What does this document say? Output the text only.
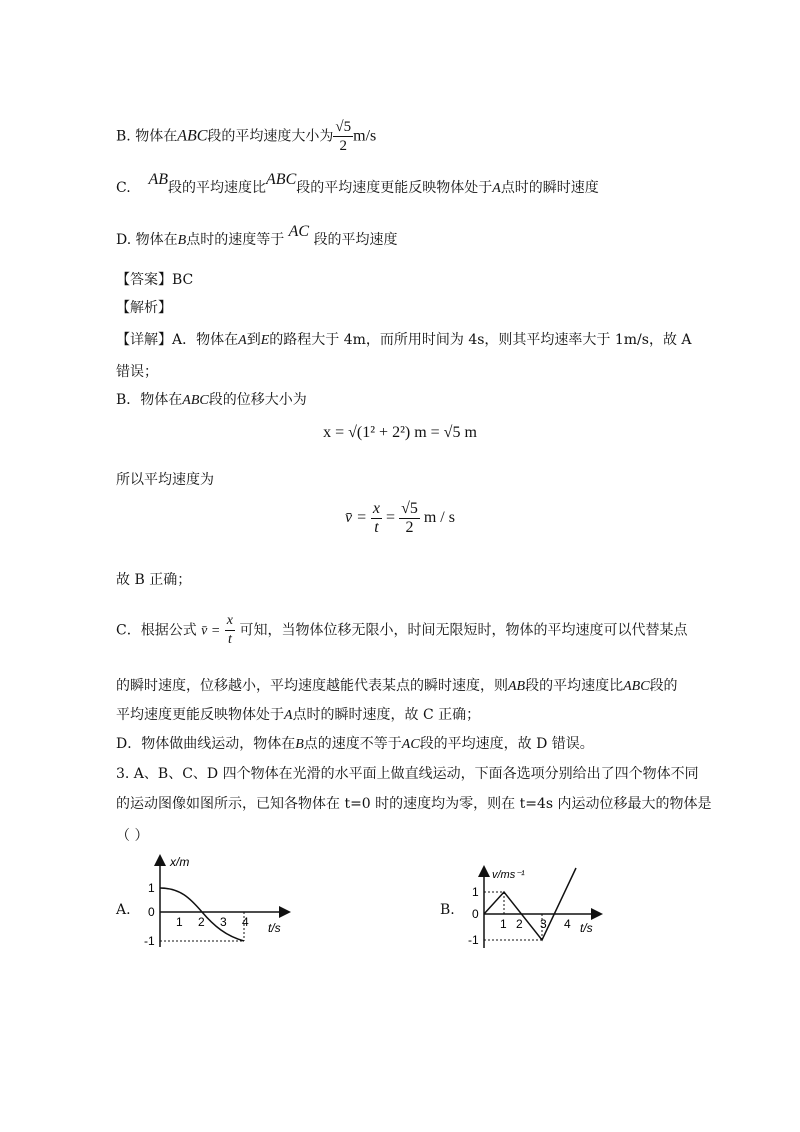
B. 物体在ABC段的平均速度大小为 $\frac{√5}{2} m/s$
C. AB段的平均速度比ABC段的平均速度更能反映物体处于A点时的瞬时速度
D. 物体在B点时的速度等于 AC 段的平均速度
【答案】BC
【解析】
【详解】A．物体在A到E的路程大于 4m，而所用时间为 4s，则其平均速率大于 1m/s，故 A
错误；
B．物体在ABC段的位移大小为
x = √(1² + 2²) m = √5 m
所以平均速度为
v̄ = $\frac{x}{t} = \frac{√5}{2}$ m / s
故 B 正确；
C．根据公式 v̄ = $\frac{x}{t}$ 可知，当物体位移无限小，时间无限短时，物体的平均速度可以代替某点
的瞬时速度，位移越小，平均速度越能代表某点的瞬时速度，则AB段的平均速度比ABC段的
平均速度更能反映物体处于A点时的瞬时速度，故 C 正确；
D．物体做曲线运动，物体在B点的速度不等于AC段的平均速度，故 D 错误。
3. A、B、C、D 四个物体在光滑的水平面上做直线运动，下面各选项分别给出了四个物体不同
的运动图像如图所示，已知各物体在 t=0 时的速度均为零，则在 t=4s 内运动位移最大的物体是
（ ）
A.
x/m
t/s
1
0
-1
1 2 3 4
B.
v/ms⁻¹
t/s
1
0
-1
1 2 3 4
